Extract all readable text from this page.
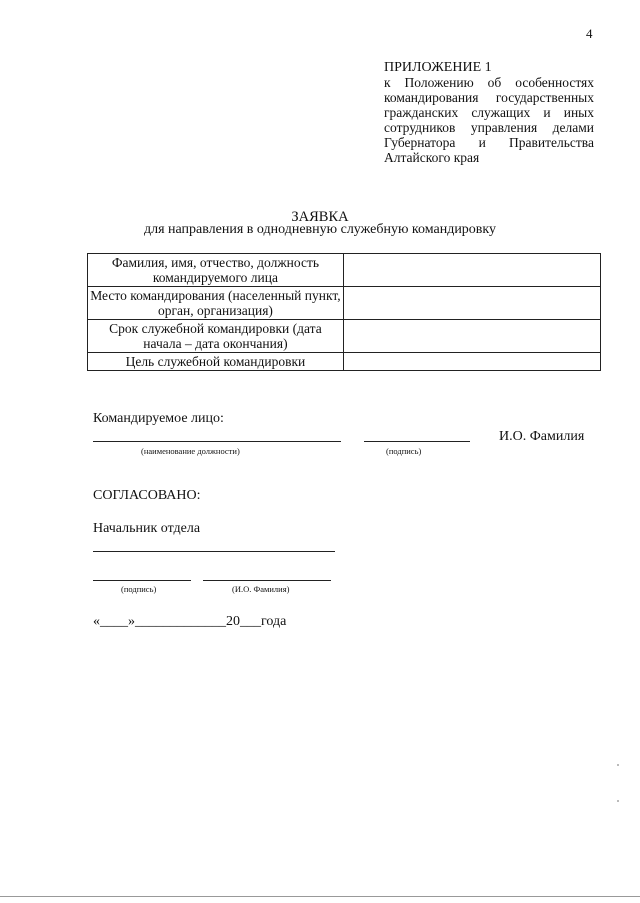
4
ПРИЛОЖЕНИЕ 1
к Положению об особенностях командирования государственных гражданских служащих и иных сотрудников управления делами Губернатора и Правительства Алтайского края
ЗАЯВКА
для направления в однодневную служебную командировку
Фамилия, имя, отчество, должность командируемого лица	
Место командирования (населенный пункт, орган, организация)	
Срок служебной командировки (дата начала – дата окончания)	
Цель служебной командировки	
Командируемое лицо:
И.О. Фамилия
(наименование должности)	(подпись)
СОГЛАСОВАНО:
Начальник отдела
(подпись)	(И.О. Фамилия)
«____»_____________20___года
